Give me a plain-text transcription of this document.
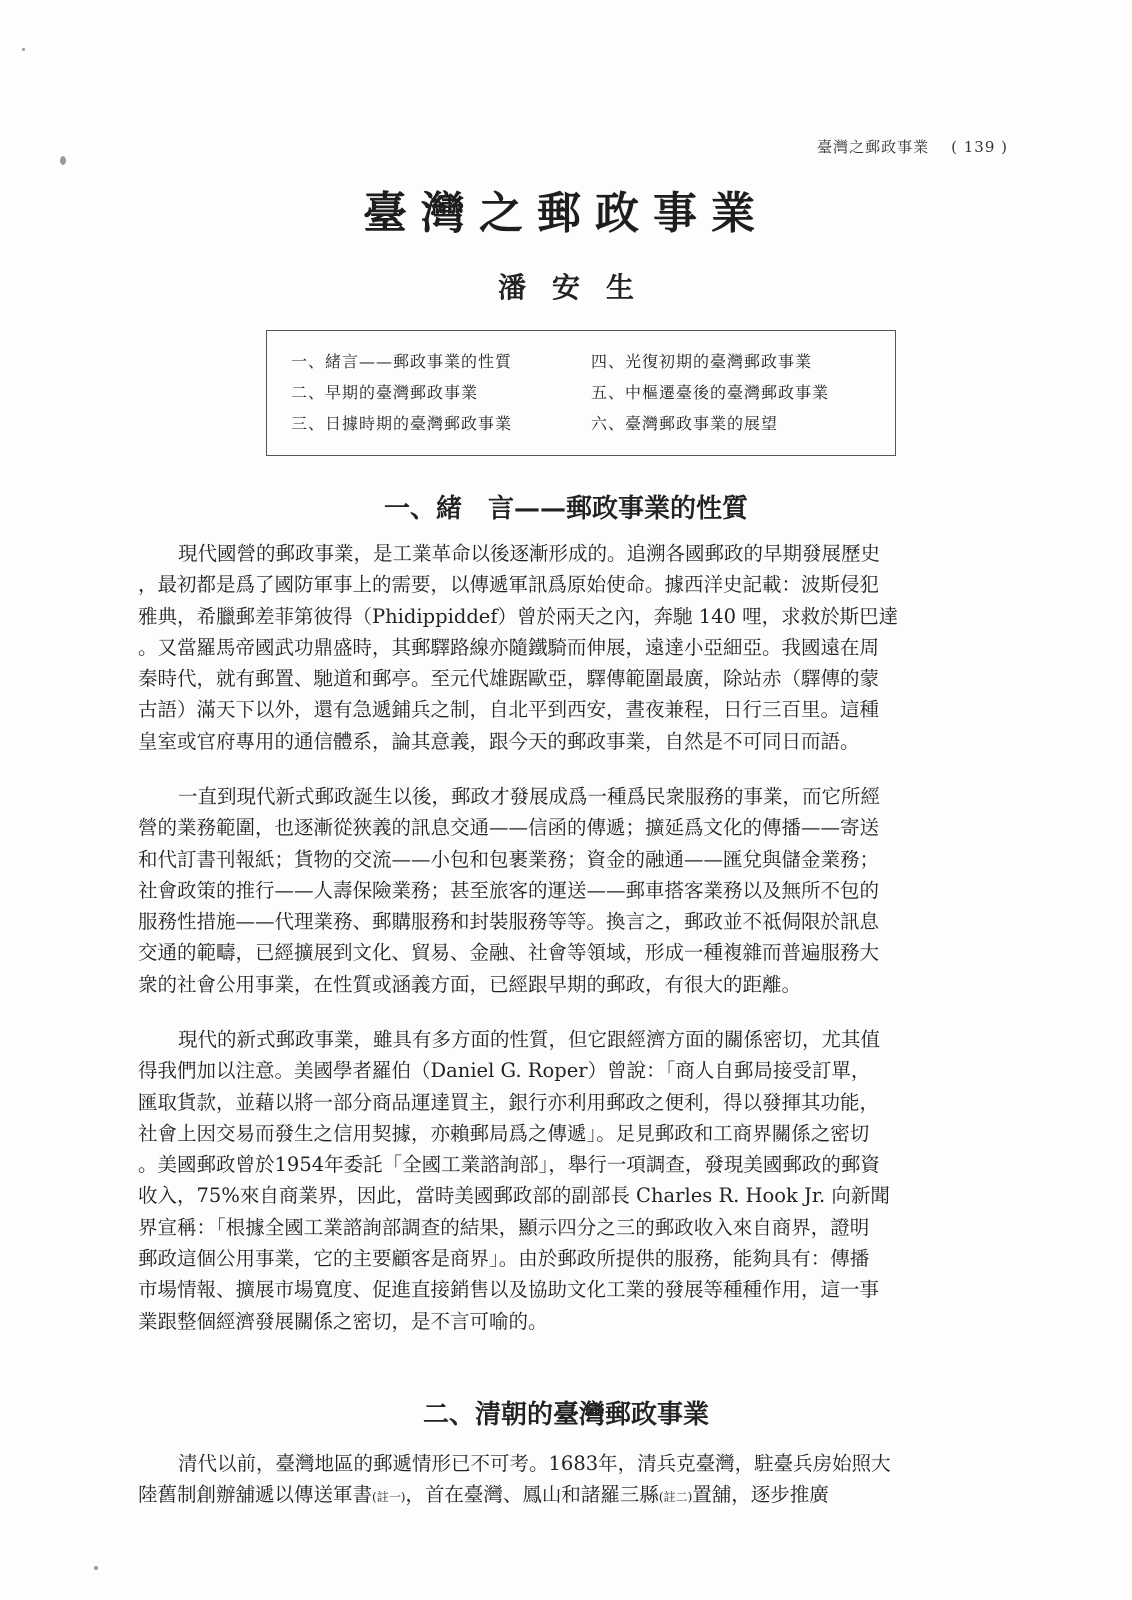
臺灣之郵政事業 ( 139 )
臺灣之郵政事業
潘安生
一、緒言——郵政事業的性質	四、光復初期的臺灣郵政事業
二、早期的臺灣郵政事業	五、中樞遷臺後的臺灣郵政事業
三、日據時期的臺灣郵政事業	六、臺灣郵政事業的展望
一、緒　言——郵政事業的性質
現代國營的郵政事業，是工業革命以後逐漸形成的。追溯各國郵政的早期發展歷史
，最初都是爲了國防軍事上的需要，以傳遞軍訊爲原始使命。據西洋史記載：波斯侵犯
雅典，希臘郵差菲第彼得（Phidippiddef）曾於兩天之內，奔馳 140 哩，求救於斯巴達
。又當羅馬帝國武功鼎盛時，其郵驛路線亦隨鐵騎而伸展，遠達小亞細亞。我國遠在周
秦時代，就有郵置、馳道和郵亭。至元代雄踞歐亞，驛傳範圍最廣，除站赤（驛傳的蒙
古語）滿天下以外，還有急遞鋪兵之制，自北平到西安，晝夜兼程，日行三百里。這種
皇室或官府專用的通信體系，論其意義，跟今天的郵政事業，自然是不可同日而語。
一直到現代新式郵政誕生以後，郵政才發展成爲一種爲民衆服務的事業，而它所經
營的業務範圍，也逐漸從狹義的訊息交通——信函的傳遞；擴延爲文化的傳播——寄送
和代訂書刊報紙；貨物的交流——小包和包裹業務；資金的融通——匯兌與儲金業務；
社會政策的推行——人壽保險業務；甚至旅客的運送——郵車搭客業務以及無所不包的
服務性措施——代理業務、郵購服務和封裝服務等等。換言之，郵政並不祗侷限於訊息
交通的範疇，已經擴展到文化、貿易、金融、社會等領域，形成一種複雜而普遍服務大
衆的社會公用事業，在性質或涵義方面，已經跟早期的郵政，有很大的距離。
現代的新式郵政事業，雖具有多方面的性質，但它跟經濟方面的關係密切，尤其值
得我們加以注意。美國學者羅伯（Daniel G. Roper）曾說：「商人自郵局接受訂單，
匯取貨款，並藉以將一部分商品運達買主，銀行亦利用郵政之便利，得以發揮其功能，
社會上因交易而發生之信用契據，亦賴郵局爲之傳遞」。足見郵政和工商界關係之密切
。美國郵政曾於1954年委託「全國工業諮詢部」，舉行一項調查，發現美國郵政的郵資
收入，75%來自商業界，因此，當時美國郵政部的副部長 Charles R. Hook Jr. 向新聞
界宣稱：「根據全國工業諮詢部調查的結果，顯示四分之三的郵政收入來自商界，證明
郵政這個公用事業，它的主要顧客是商界」。由於郵政所提供的服務，能夠具有：傳播
市場情報、擴展市場寬度、促進直接銷售以及協助文化工業的發展等種種作用，這一事
業跟整個經濟發展關係之密切，是不言可喻的。
二、清朝的臺灣郵政事業
清代以前，臺灣地區的郵遞情形已不可考。1683年，清兵克臺灣，駐臺兵房始照大
陸舊制創辦舖遞以傳送軍書(註一)，首在臺灣、鳳山和諸羅三縣(註二)置舖，逐步推廣
